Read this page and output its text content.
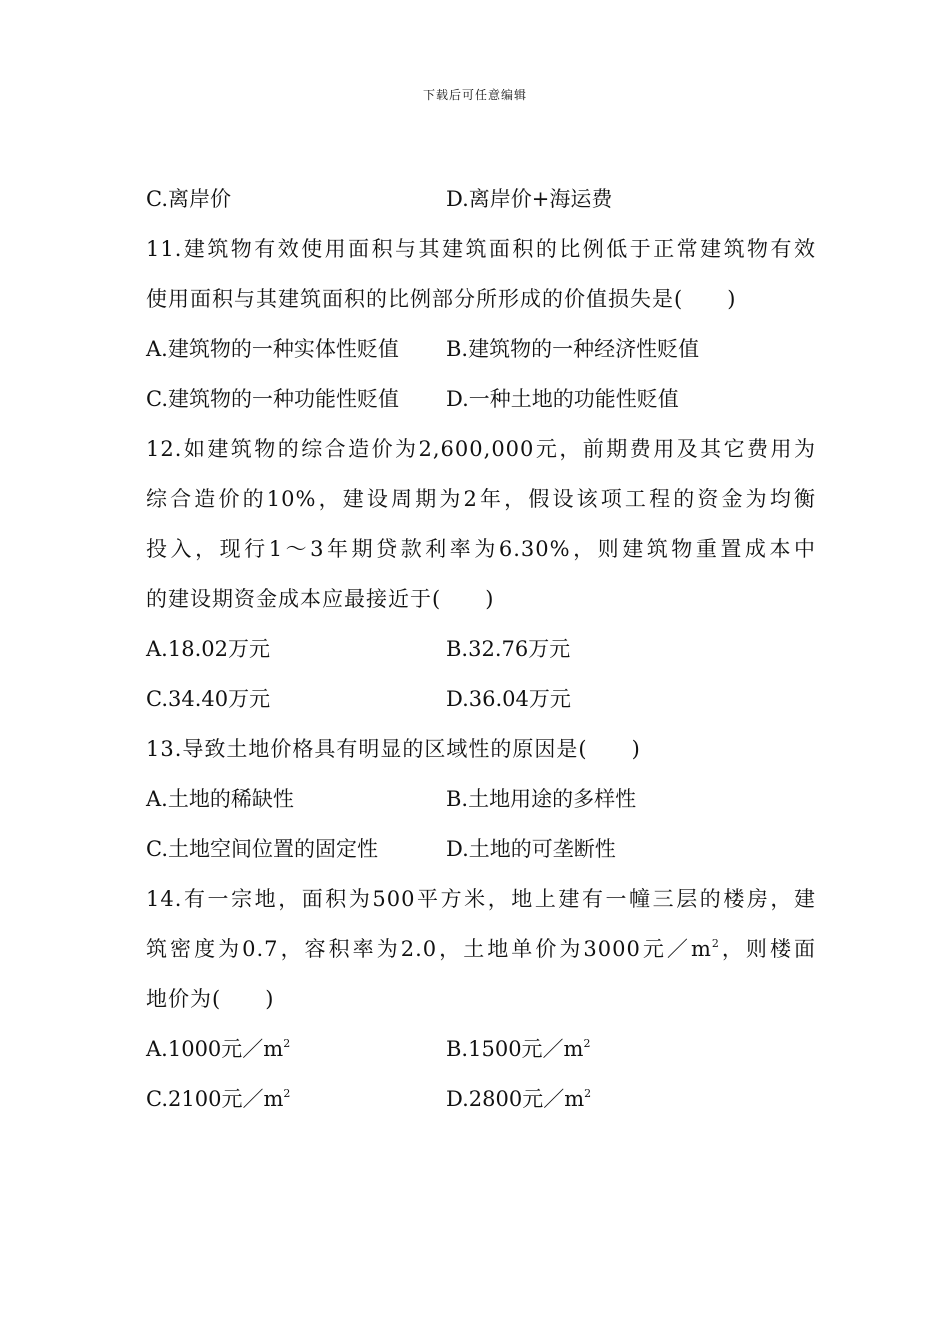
下载后可任意编辑
C.离岸价	D.离岸价+海运费
11.建筑物有效使用面积与其建筑面积的比例低于正常建筑物有效
使用面积与其建筑面积的比例部分所形成的价值损失是(　　)
A.建筑物的一种实体性贬值 B.建筑物的一种经济性贬值
C.建筑物的一种功能性贬值 D.一种土地的功能性贬值
12.如建筑物的综合造价为2,600,000元，前期费用及其它费用为
综合造价的10%，建设周期为2年，假设该项工程的资金为均衡
投入，现行1～3年期贷款利率为6.30%，则建筑物重置成本中
的建设期资金成本应最接近于(　　)
A.18.02万元	B.32.76万元
C.34.40万元	D.36.04万元
13.导致土地价格具有明显的区域性的原因是(　　)
A.土地的稀缺性	B.土地用途的多样性
C.土地空间位置的固定性	D.土地的可垄断性
14.有一宗地，面积为500平方米，地上建有一幢三层的楼房，建
筑密度为0.7，容积率为2.0，土地单价为3000元$/m^2$，则楼面
地价为(　　)
A.1000元$/m^2$	B.1500元$/m^2$
C.2100元$/m^2$	D.2800元$/m^2$
